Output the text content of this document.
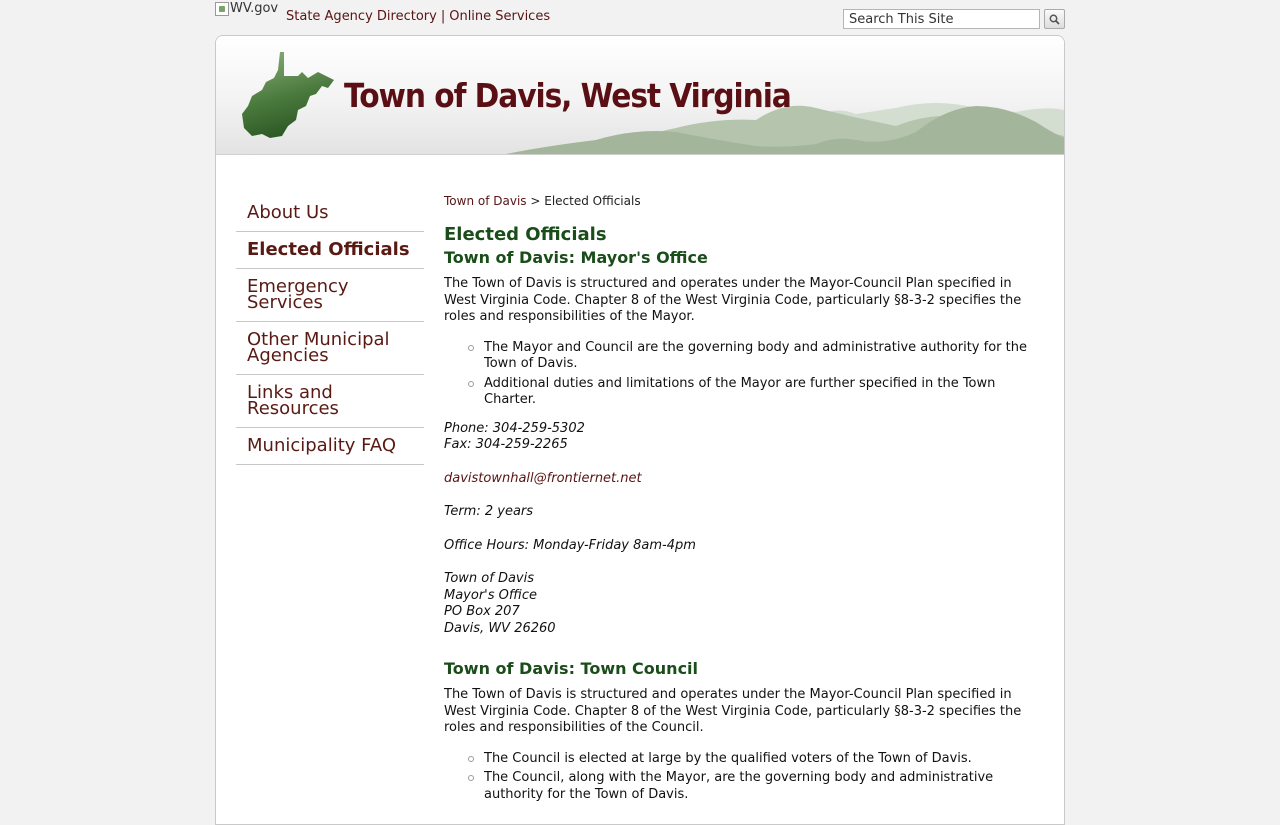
WV.gov
State Agency Directory | Online Services
Search This Site
Town of Davis, West Virginia
About Us
Elected Officials
Emergency Services
Other Municipal Agencies
Links and Resources
Municipality FAQ
Town of Davis > Elected Officials
Elected Officials
Town of Davis: Mayor's Office

The Town of Davis is structured and operates under the Mayor-Council Plan specified in West Virginia Code. Chapter 8 of the West Virginia Code, particularly §8-3-2 specifies the roles and responsibilities of the Mayor.

The Mayor and Council are the governing body and administrative authority for the Town of Davis.
Additional duties and limitations of the Mayor are further specified in the Town Charter.
Phone: 304-259-5302
Fax: 304-259-2265
davistownhall@frontiernet.net
Term: 2 years
Office Hours: Monday-Friday 8am-4pm
Town of Davis
Mayor's Office
PO Box 207
Davis, WV 26260
Town of Davis: Town Council

The Town of Davis is structured and operates under the Mayor-Council Plan specified in West Virginia Code. Chapter 8 of the West Virginia Code, particularly §8-3-2 specifies the roles and responsibilities of the Council.

The Council is elected at large by the qualified voters of the Town of Davis.
The Council, along with the Mayor, are the governing body and administrative authority for the Town of Davis.
